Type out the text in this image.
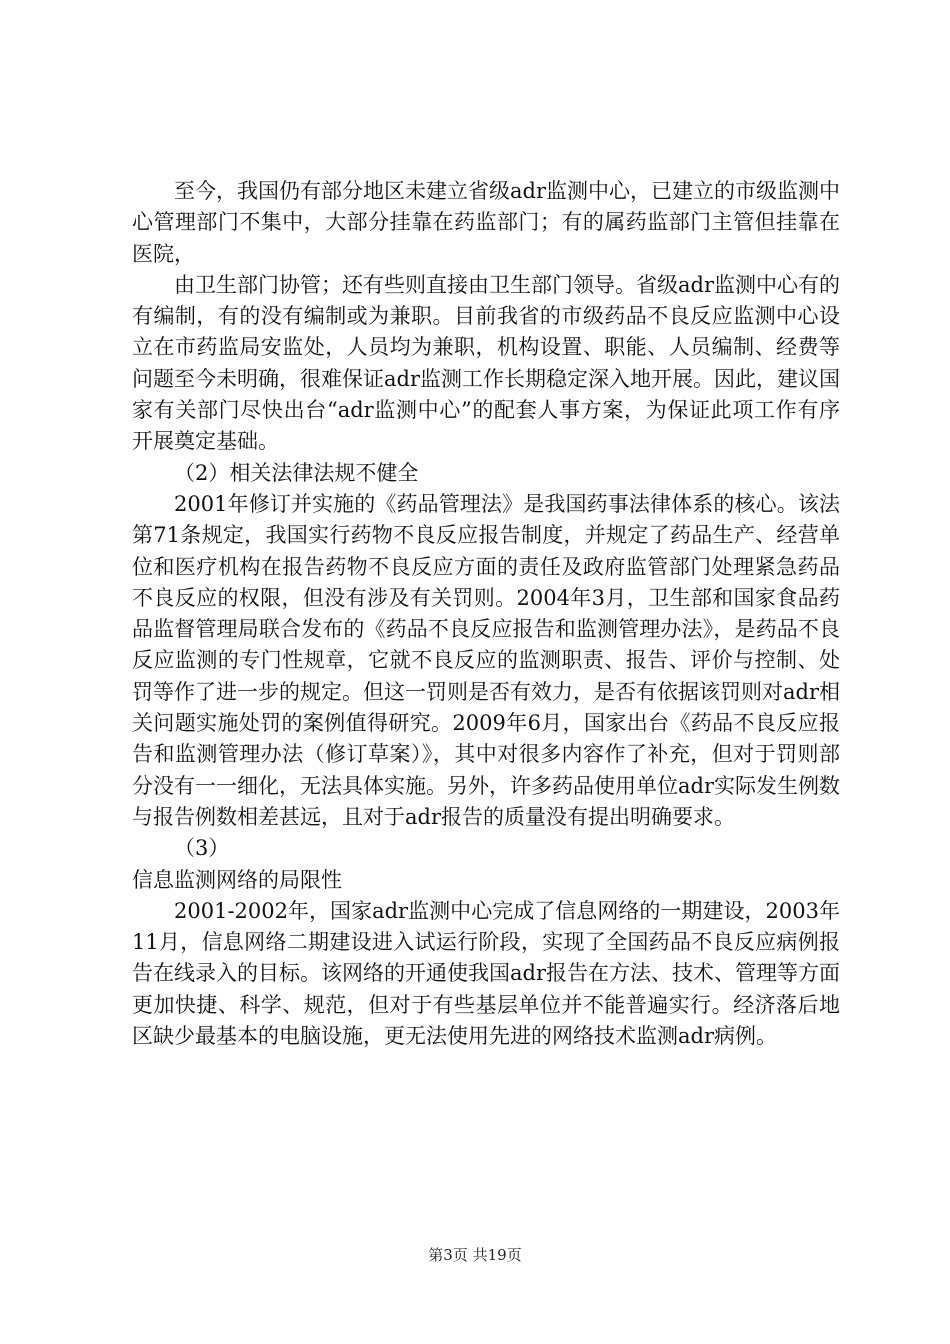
至今，我国仍有部分地区未建立省级adr监测中心，已建立的市级监测中心管理部门不集中，大部分挂靠在药监部门；有的属药监部门主管但挂靠在医院，

由卫生部门协管；还有些则直接由卫生部门领导。省级adr监测中心有的有编制，有的没有编制或为兼职。目前我省的市级药品不良反应监测中心设立在市药监局安监处，人员均为兼职，机构设置、职能、人员编制、经费等问题至今未明确，很难保证adr监测工作长期稳定深入地开展。因此，建议国家有关部门尽快出台“adr监测中心”的配套人事方案，为保证此项工作有序开展奠定基础。

（2）相关法律法规不健全

2001年修订并实施的《药品管理法》是我国药事法律体系的核心。该法第71条规定，我国实行药物不良反应报告制度，并规定了药品生产、经营单位和医疗机构在报告药物不良反应方面的责任及政府监管部门处理紧急药品不良反应的权限，但没有涉及有关罚则。2004年3月，卫生部和国家食品药品监督管理局联合发布的《药品不良反应报告和监测管理办法》，是药品不良反应监测的专门性规章，它就不良反应的监测职责、报告、评价与控制、处罚等作了进一步的规定。但这一罚则是否有效力，是否有依据该罚则对adr相关问题实施处罚的案例值得研究。2009年6月，国家出台《药品不良反应报告和监测管理办法（修订草案）》，其中对很多内容作了补充，但对于罚则部分没有一一细化，无法具体实施。另外，许多药品使用单位adr实际发生例数与报告例数相差甚远，且对于adr报告的质量没有提出明确要求。

（3）

信息监测网络的局限性

2001-2002年，国家adr监测中心完成了信息网络的一期建设，2003年11月，信息网络二期建设进入试运行阶段，实现了全国药品不良反应病例报告在线录入的目标。该网络的开通使我国adr报告在方法、技术、管理等方面更加快捷、科学、规范，但对于有些基层单位并不能普遍实行。经济落后地区缺少最基本的电脑设施，更无法使用先进的网络技术监测adr病例。

第3页 共19页
